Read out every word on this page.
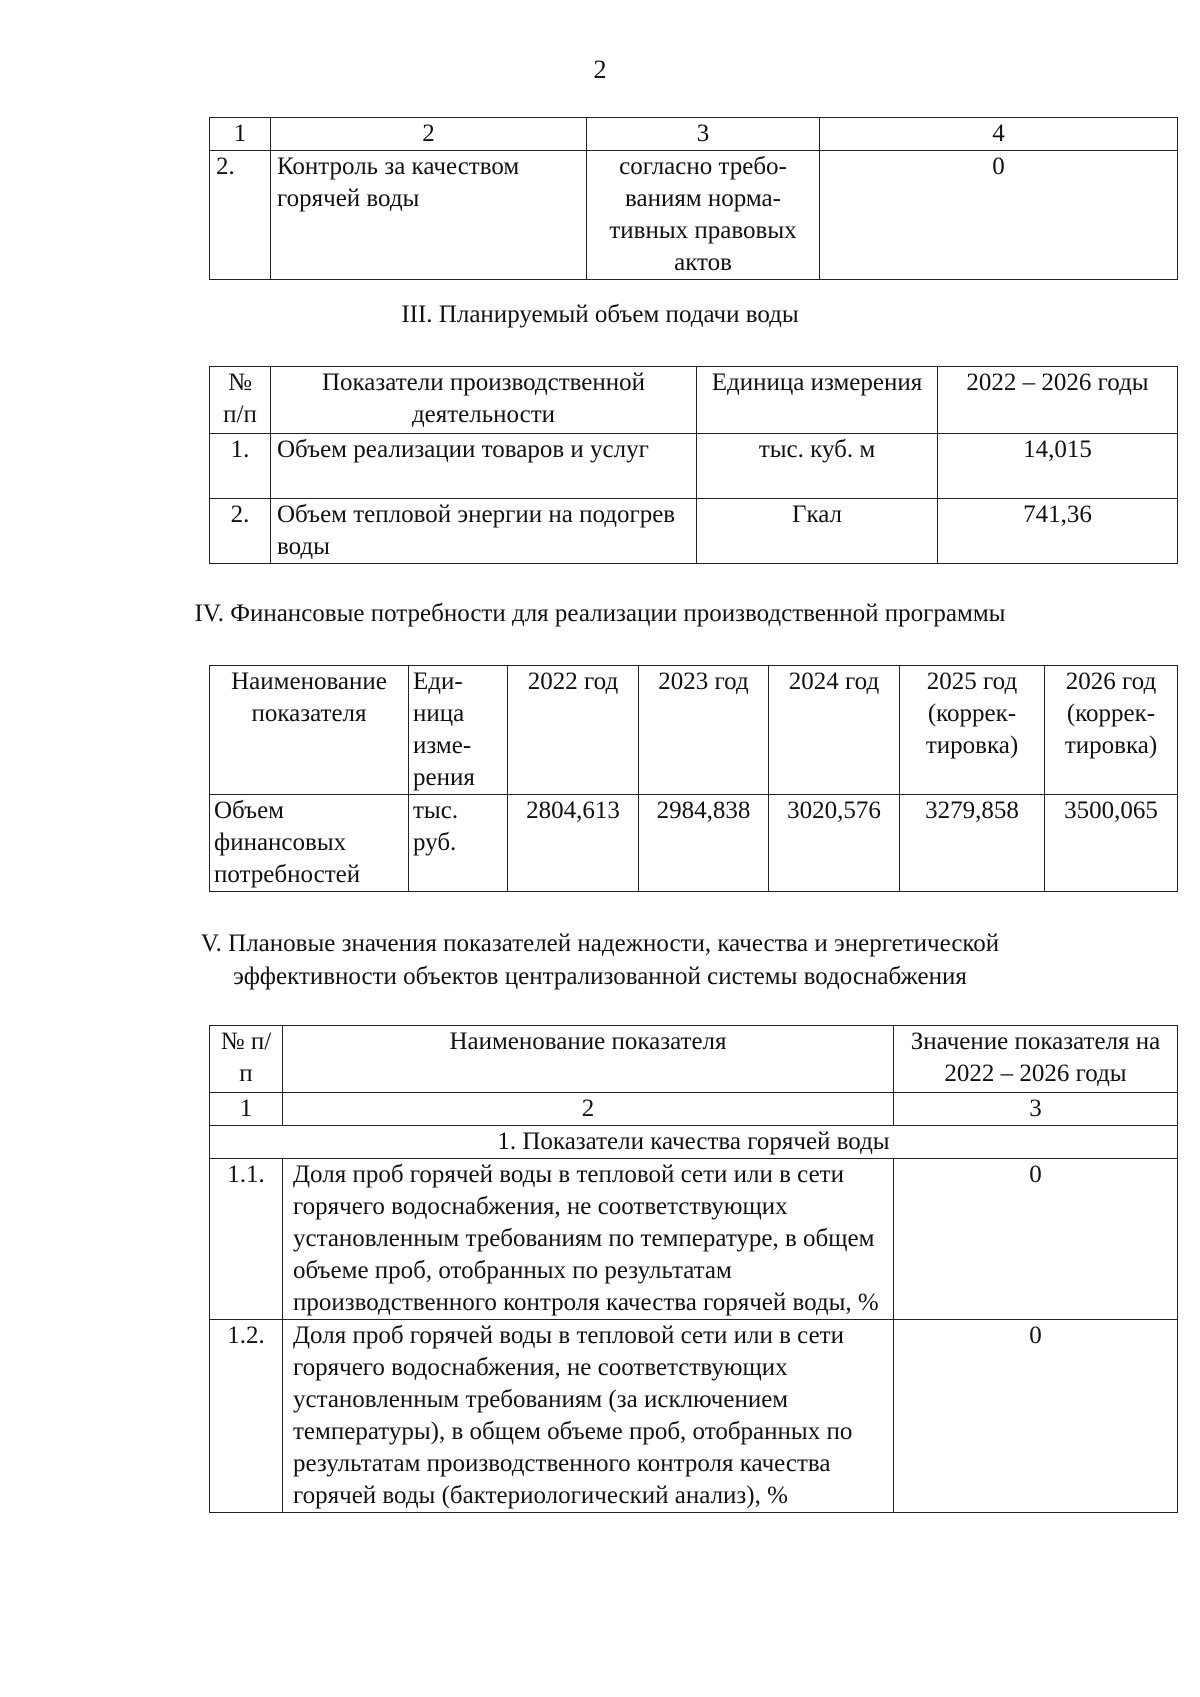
2
1	2	3	4
2.	Контроль за качеством горячей воды	согласно требо-ваниям норма-тивных правовых актов	0
III. Планируемый объем подачи воды
№ п/п	Показатели производственной деятельности	Единица измерения	2022 – 2026 годы
1.	Объем реализации товаров и услуг	тыс. куб. м	14,015
2.	Объем тепловой энергии на подогрев воды	Гкал	741,36
IV. Финансовые потребности для реализации производственной программы
Наименование показателя	Еди-ница изме-рения	2022 год	2023 год	2024 год	2025 год (коррек-тировка)	2026 год (коррек-тировка)
Объем финансовых потребностей	тыс. руб.	2804,613	2984,838	3020,576	3279,858	3500,065
V. Плановые значения показателей надежности, качества и энергетической
эффективности объектов централизованной системы водоснабжения
№ п/п	Наименование показателя	Значение показателя на 2022 – 2026 годы
1	2	3
1. Показатели качества горячей воды		
1.1.	Доля проб горячей воды в тепловой сети или в сети горячего водоснабжения, не соответствующих установленным требованиям по температуре, в общем объеме проб, отобранных по результатам производственного контроля качества горячей воды, %	0
1.2.	Доля проб горячей воды в тепловой сети или в сети горячего водоснабжения, не соответствующих установленным требованиям (за исключением температуры), в общем объеме проб, отобранных по результатам производственного контроля качества горячей воды (бактериологический анализ), %	0
